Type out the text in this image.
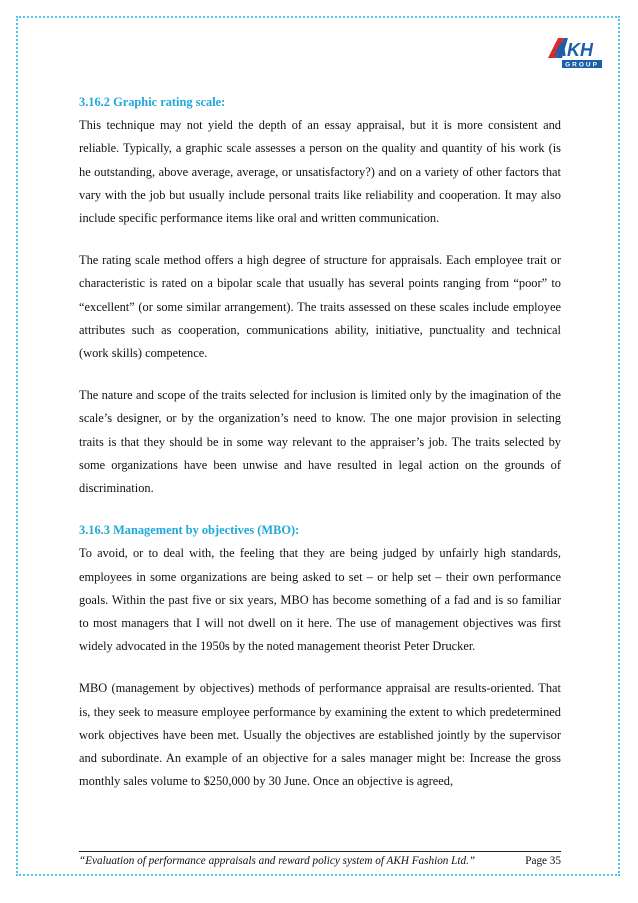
AKH
GROUP
3.16.2 Graphic rating scale:

This technique may not yield the depth of an essay appraisal, but it is more consistent and reliable. Typically, a graphic scale assesses a person on the quality and quantity of his work (is he outstanding, above average, average, or unsatisfactory?) and on a variety of other factors that vary with the job but usually include personal traits like reliability and cooperation. It may also include specific performance items like oral and written communication.

The rating scale method offers a high degree of structure for appraisals. Each employee trait or characteristic is rated on a bipolar scale that usually has several points ranging from “poor” to “excellent” (or some similar arrangement). The traits assessed on these scales include employee attributes such as cooperation, communications ability, initiative, punctuality and technical (work skills) competence.

The nature and scope of the traits selected for inclusion is limited only by the imagination of the scale’s designer, or by the organization’s need to know. The one major provision in selecting traits is that they should be in some way relevant to the appraiser’s job. The traits selected by some organizations have been unwise and have resulted in legal action on the grounds of discrimination.

3.16.3 Management by objectives (MBO):

To avoid, or to deal with, the feeling that they are being judged by unfairly high standards, employees in some organizations are being asked to set – or help set – their own performance goals. Within the past five or six years, MBO has become something of a fad and is so familiar to most managers that I will not dwell on it here. The use of management objectives was first widely advocated in the 1950s by the noted management theorist Peter Drucker.

MBO (management by objectives) methods of performance appraisal are results-oriented. That is, they seek to measure employee performance by examining the extent to which predetermined work objectives have been met. Usually the objectives are established jointly by the supervisor and subordinate. An example of an objective for a sales manager might be: Increase the gross monthly sales volume to $250,000 by 30 June. Once an objective is agreed,

“Evaluation of performance appraisals and reward policy system of AKH Fashion Ltd.”	Page 35
